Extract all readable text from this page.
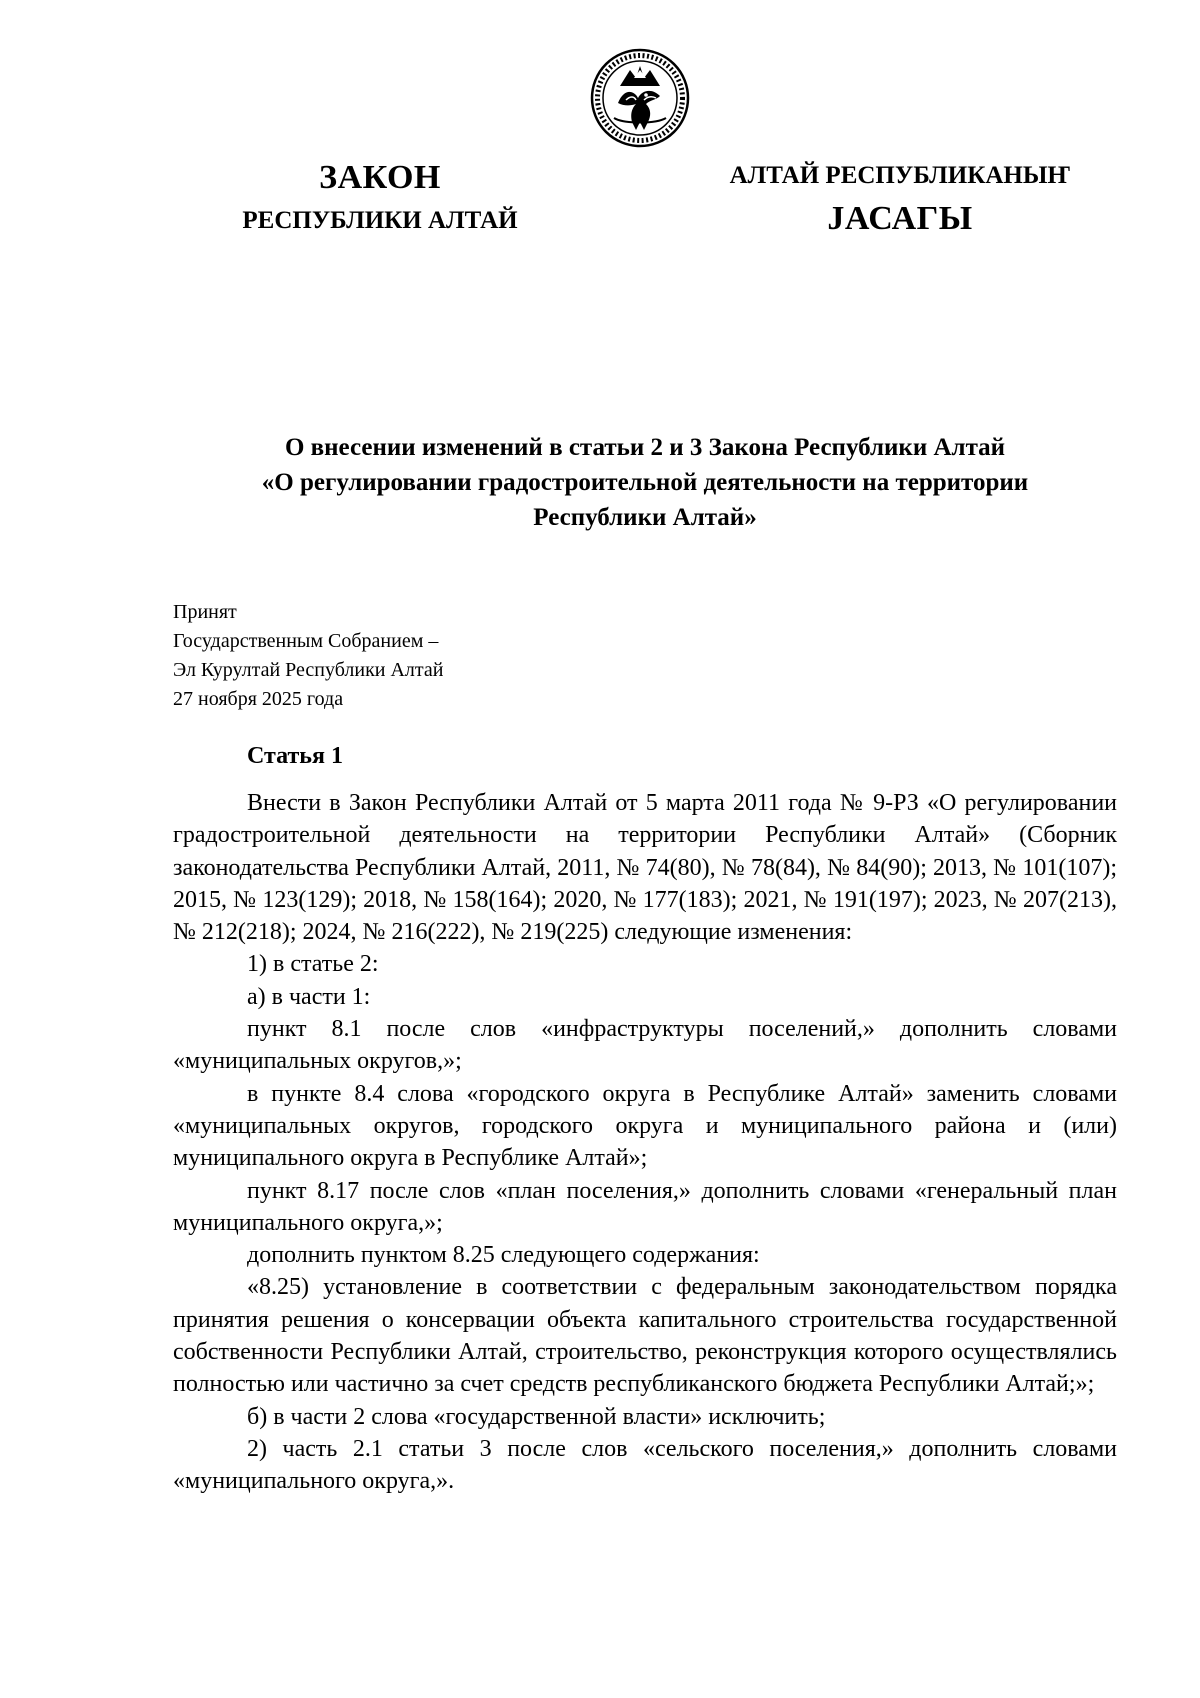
ЗАКОН
РЕСПУБЛИКИ АЛТАЙ
АЛТАЙ РЕСПУБЛИКАНЫҤ
ЈАСАГЫ
О внесении изменений в статьи 2 и 3 Закона Республики Алтай
«О регулировании градостроительной деятельности на территории
Республики Алтай»
Принят
Государственным Собранием –
Эл Курултай Республики Алтай
27 ноября 2025 года
Статья 1

Внести в Закон Республики Алтай от 5 марта 2011 года № 9-РЗ «О регулировании градостроительной деятельности на территории Республики Алтай» (Сборник законодательства Республики Алтай, 2011, № 74(80), № 78(84), № 84(90); 2013, № 101(107); 2015, № 123(129); 2018, № 158(164); 2020, № 177(183); 2021, № 191(197); 2023, № 207(213), № 212(218); 2024, № 216(222), № 219(225) следующие изменения:

1) в статье 2:

а) в части 1:

пункт 8.1 после слов «инфраструктуры поселений,» дополнить словами «муниципальных округов,»;

в пункте 8.4 слова «городского округа в Республике Алтай» заменить словами «муниципальных округов, городского округа и муниципального района и (или) муниципального округа в Республике Алтай»;

пункт 8.17 после слов «план поселения,» дополнить словами «генеральный план муниципального округа,»;

дополнить пунктом 8.25 следующего содержания:

«8.25) установление в соответствии с федеральным законодательством порядка принятия решения о консервации объекта капитального строительства государственной собственности Республики Алтай, строительство, реконструкция которого осуществлялись полностью или частично за счет средств республиканского бюджета Республики Алтай;»;

б) в части 2 слова «государственной власти» исключить;

2) часть 2.1 статьи 3 после слов «сельского поселения,» дополнить словами «муниципального округа,».
